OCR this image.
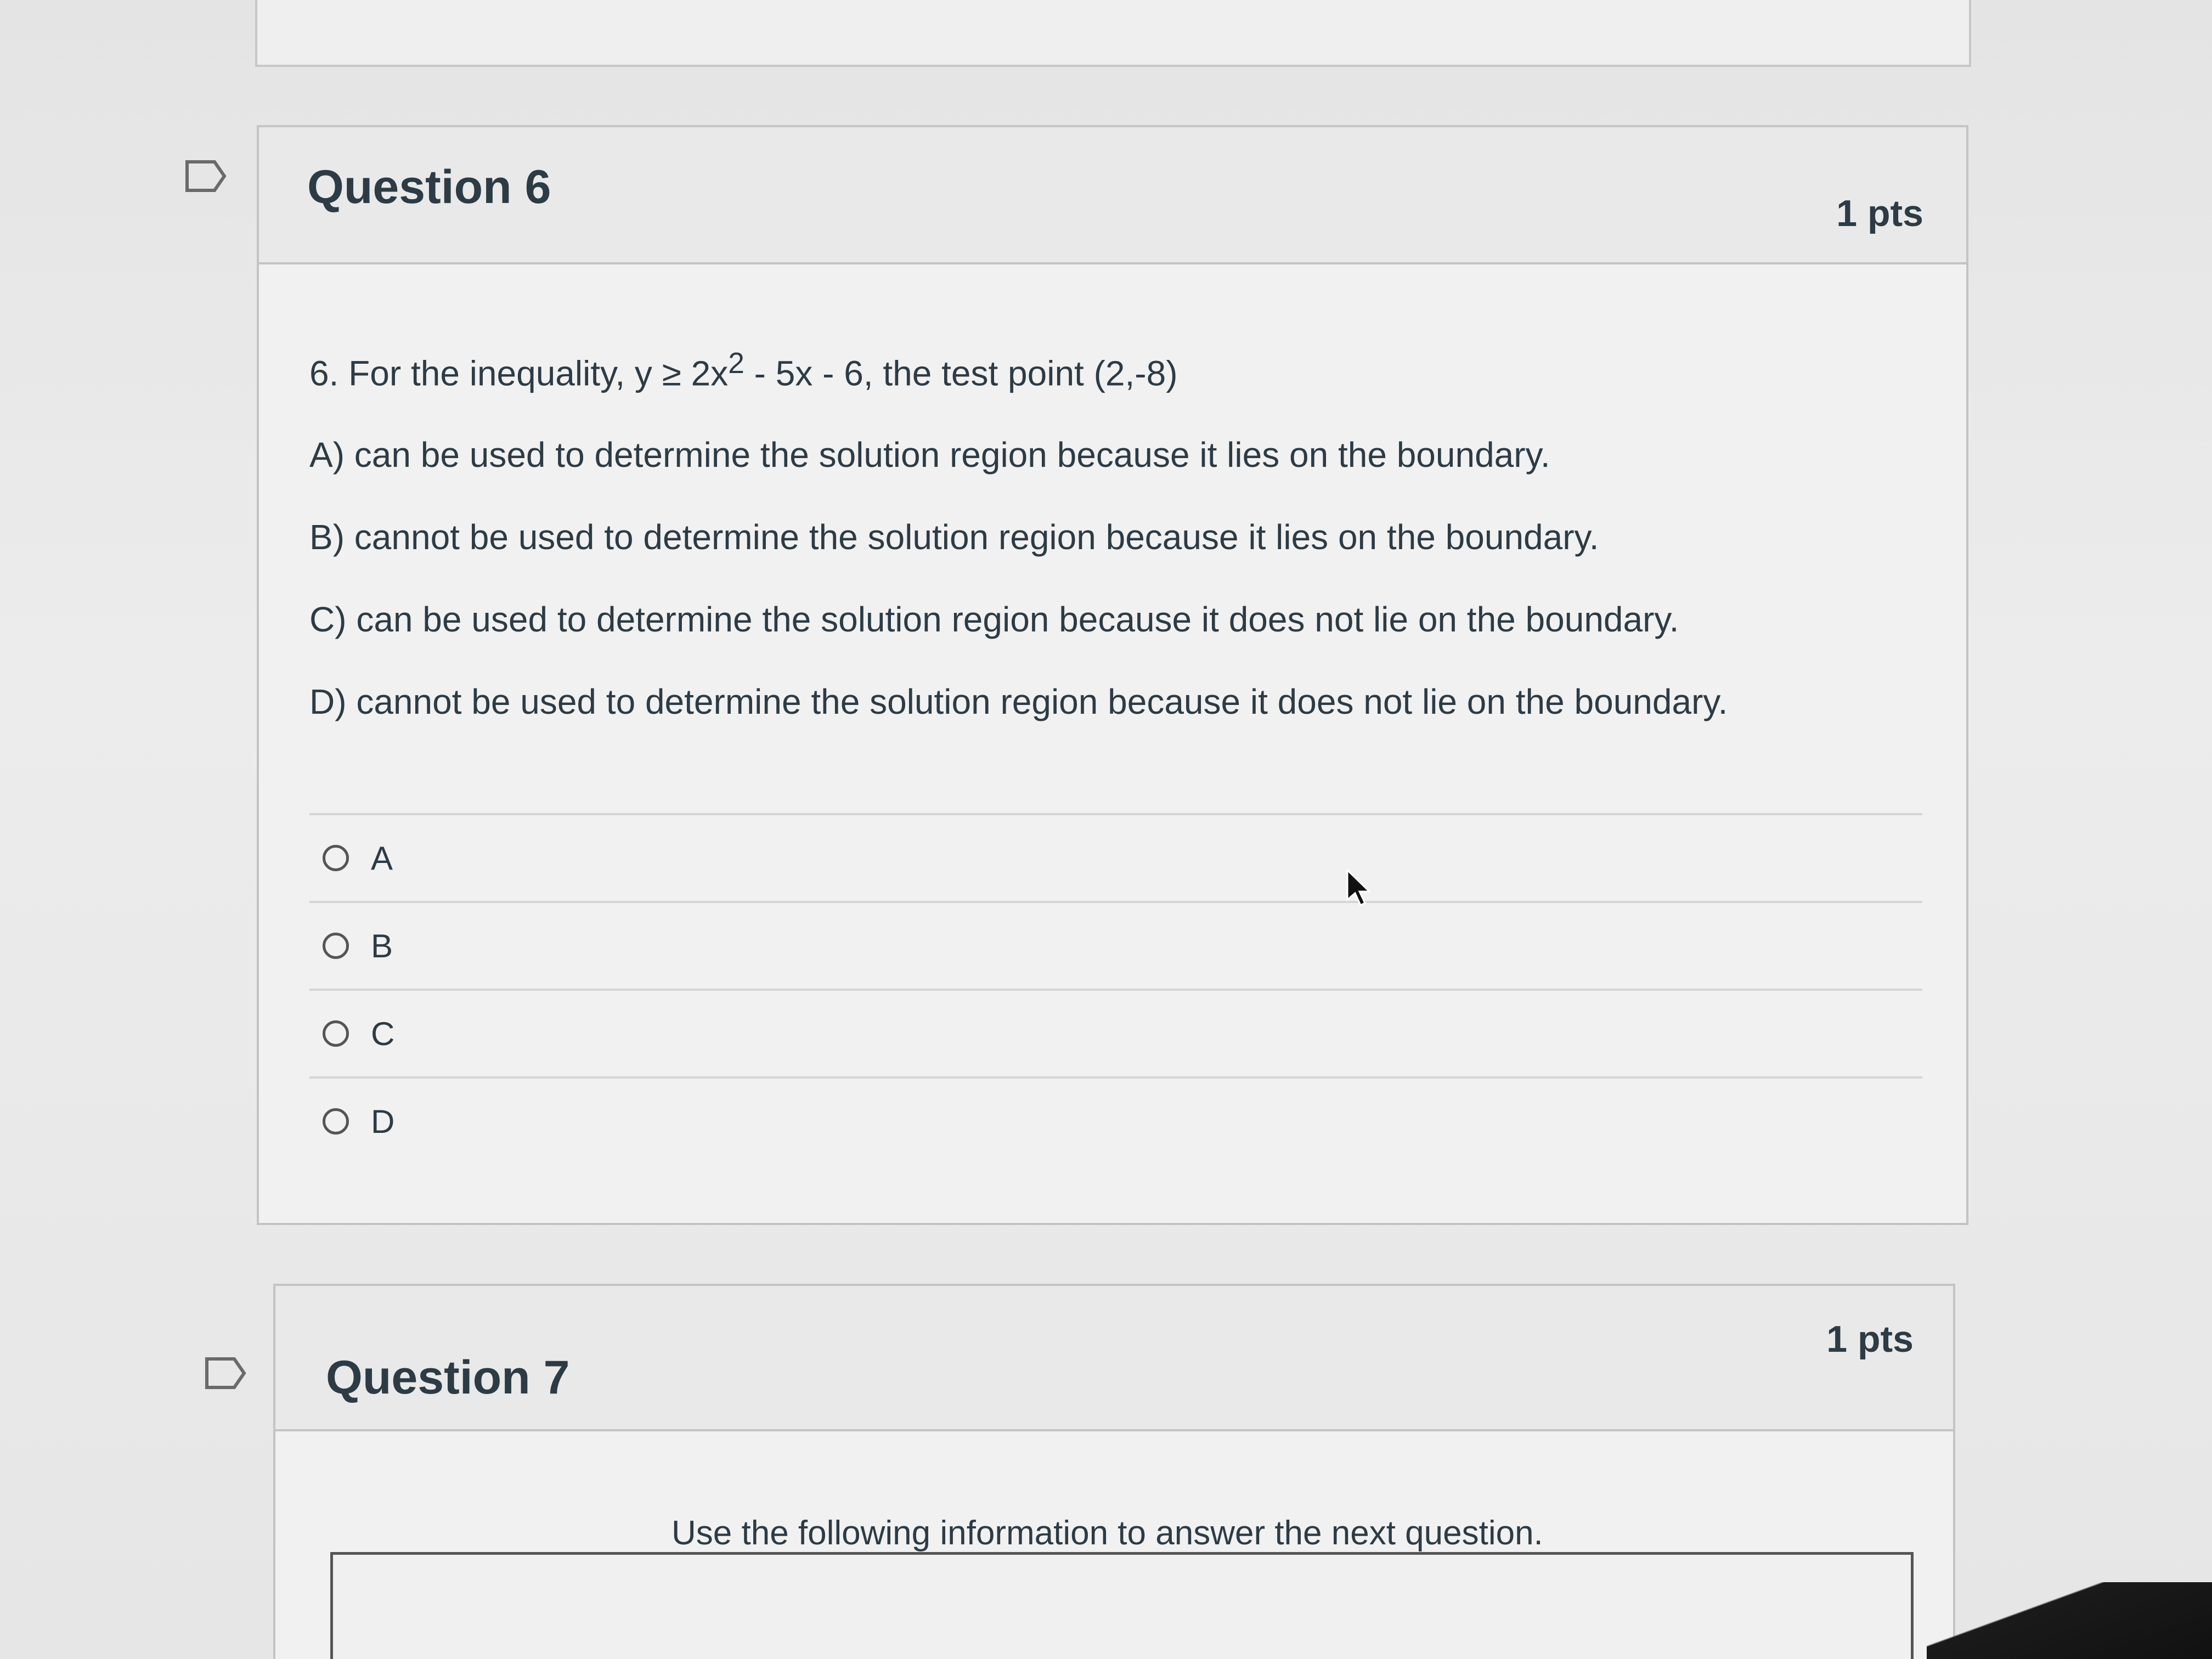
Question 6	1 pts
6. For the inequality, $y \ge 2x^2 - 5x - 6$, the test point (2,-8)
A) can be used to determine the solution region because it lies on the boundary.
B) cannot be used to determine the solution region because it lies on the boundary.
C) can be used to determine the solution region because it does not lie on the boundary.
D) cannot be used to determine the solution region because it does not lie on the boundary.
A
B
C
D
Question 7
1 pts
Use the following information to answer the next question.
